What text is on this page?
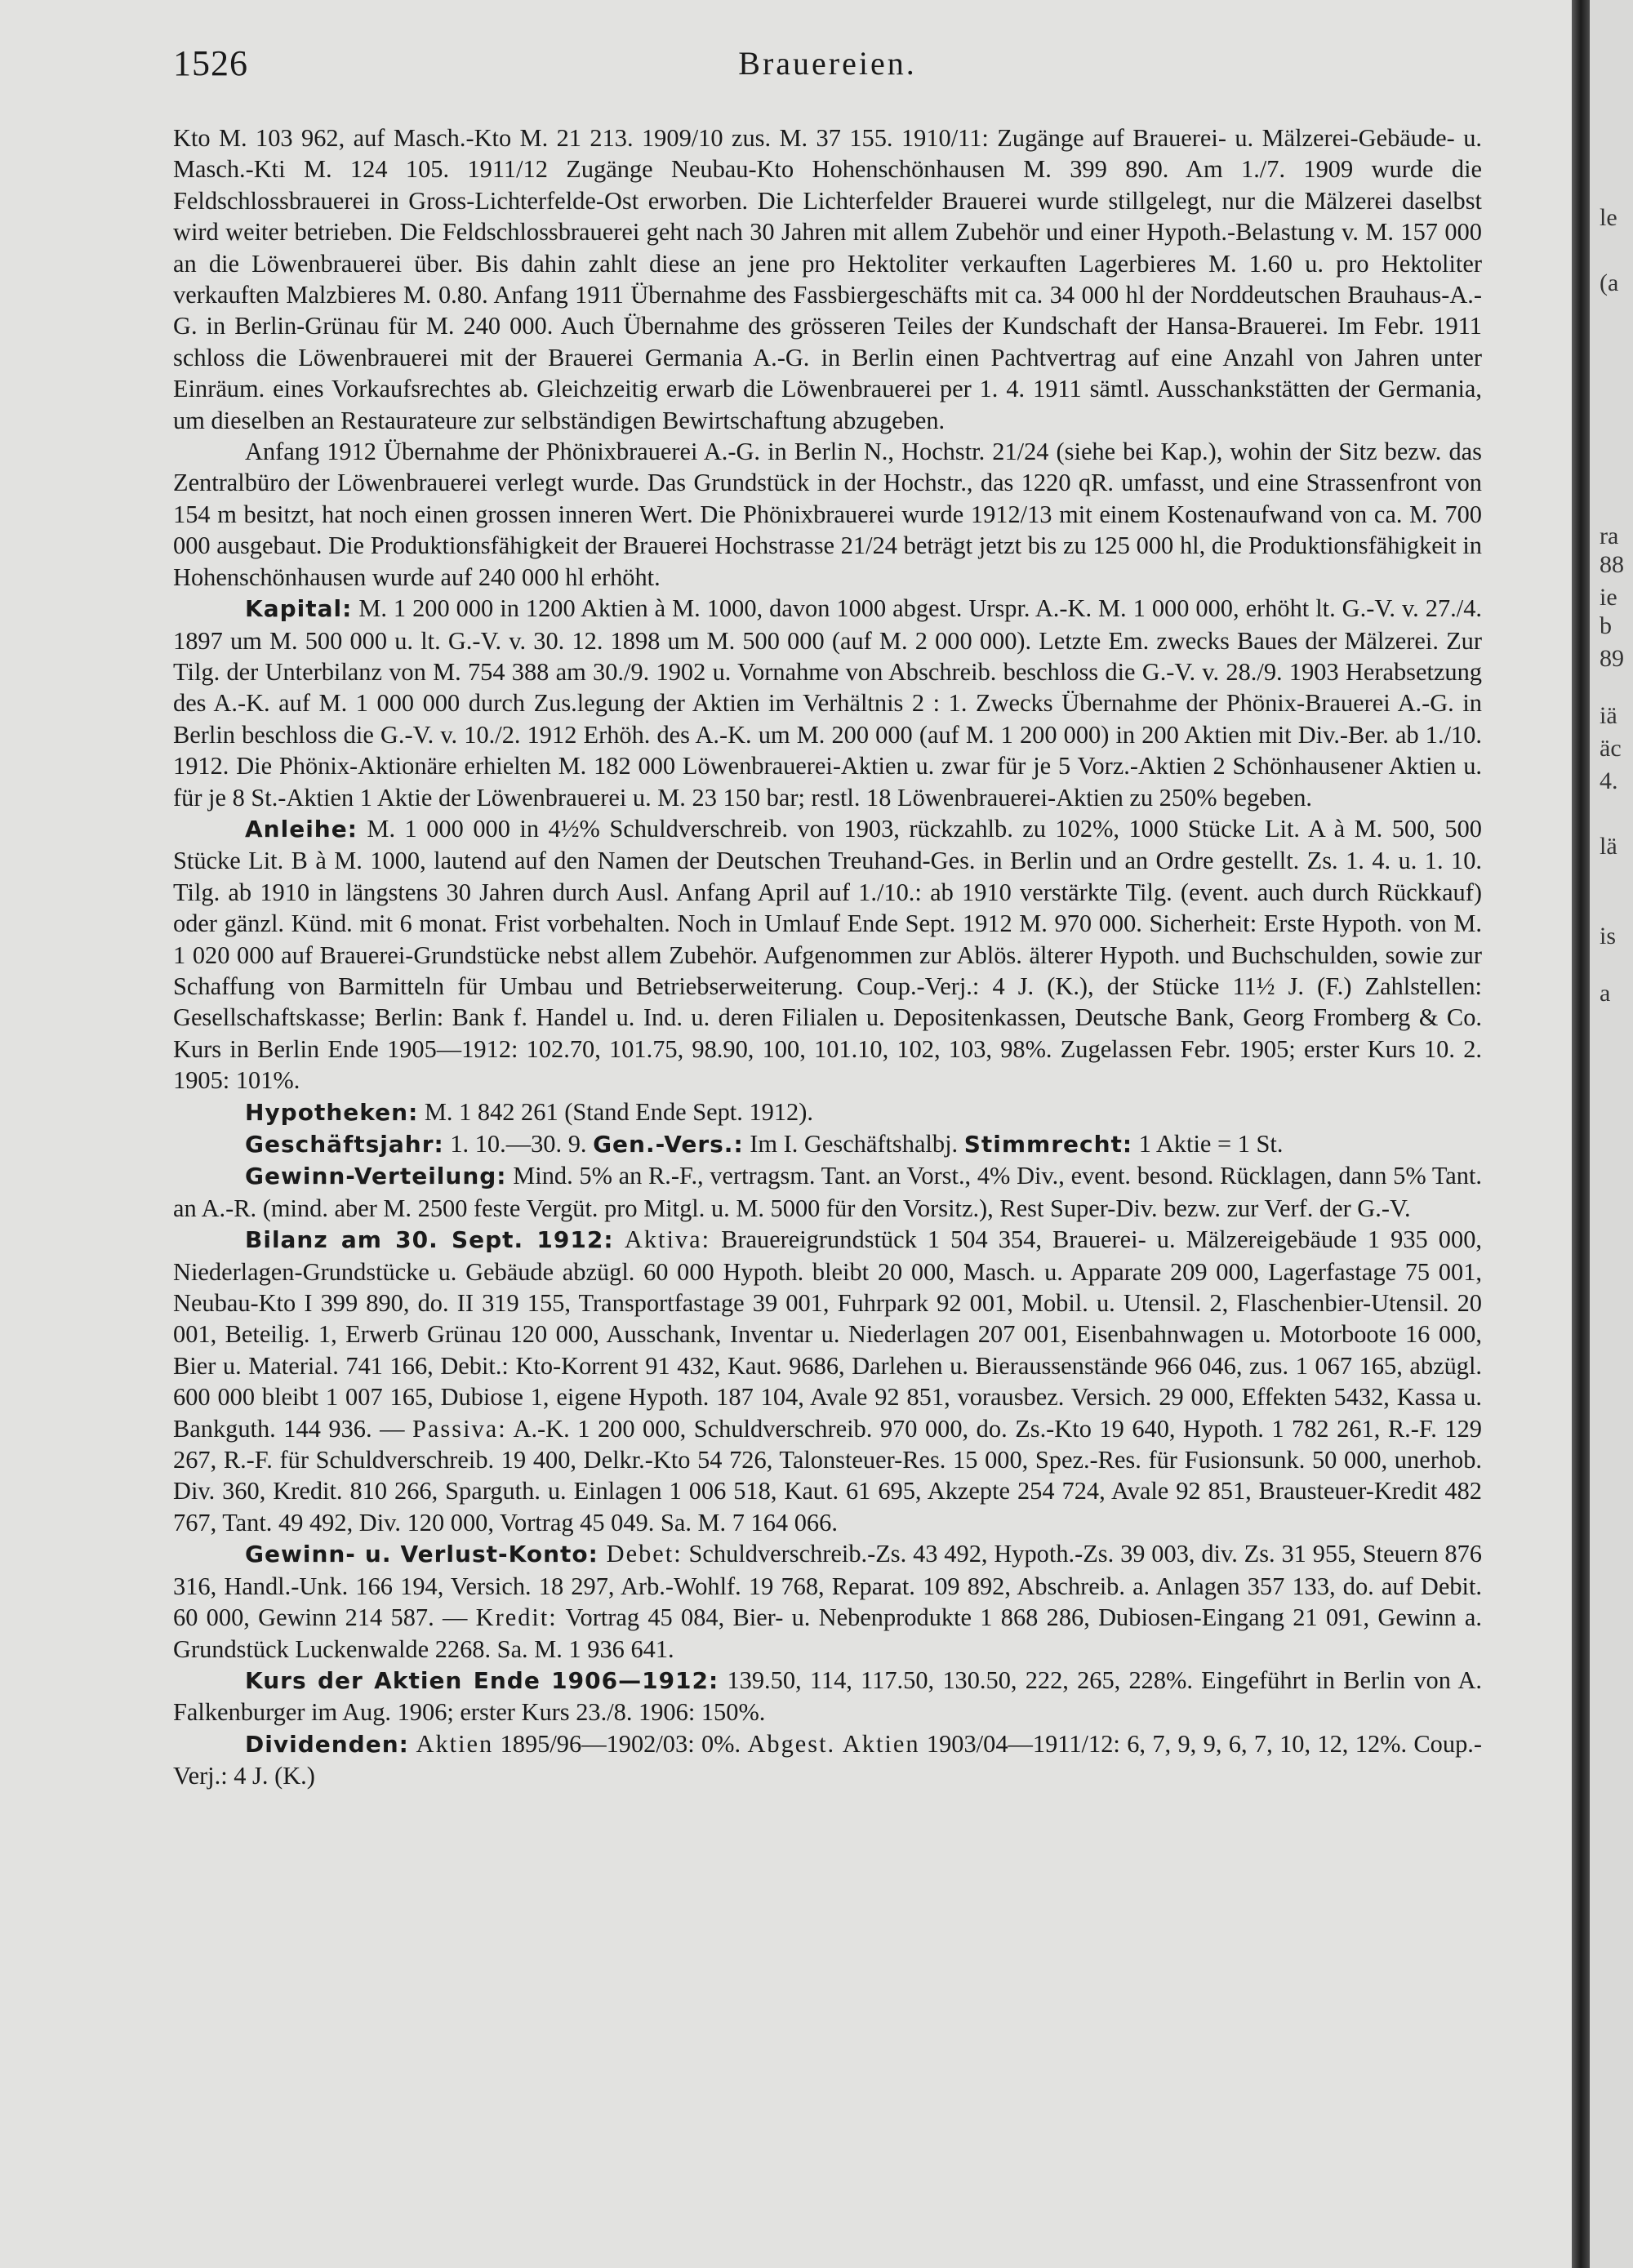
1526	Brauereien.

Kto M. 103 962, auf Masch.-Kto M. 21 213. 1909/10 zus. M. 37 155. 1910/11: Zugänge auf Brauerei- u. Mälzerei-Gebäude- u. Masch.-Kti M. 124 105. 1911/12 Zugänge Neubau-Kto Hohenschönhausen M. 399 890. Am 1./7. 1909 wurde die Feldschlossbrauerei in Gross-Lichterfelde-Ost erworben. Die Lichterfelder Brauerei wurde stillgelegt, nur die Mälzerei daselbst wird weiter betrieben. Die Feldschlossbrauerei geht nach 30 Jahren mit allem Zubehör und einer Hypoth.-Belastung v. M. 157 000 an die Löwenbrauerei über. Bis dahin zahlt diese an jene pro Hektoliter verkauften Lagerbieres M. 1.60 u. pro Hektoliter verkauften Malzbieres M. 0.80. Anfang 1911 Übernahme des Fassbiergeschäfts mit ca. 34 000 hl der Norddeutschen Brauhaus-A.-G. in Berlin-Grünau für M. 240 000. Auch Übernahme des grösseren Teiles der Kundschaft der Hansa-Brauerei. Im Febr. 1911 schloss die Löwenbrauerei mit der Brauerei Germania A.-G. in Berlin einen Pachtvertrag auf eine Anzahl von Jahren unter Einräum. eines Vorkaufsrechtes ab. Gleichzeitig erwarb die Löwenbrauerei per 1. 4. 1911 sämtl. Ausschankstätten der Germania, um dieselben an Restaurateure zur selbständigen Bewirtschaftung abzugeben.

Anfang 1912 Übernahme der Phönixbrauerei A.-G. in Berlin N., Hochstr. 21/24 (siehe bei Kap.), wohin der Sitz bezw. das Zentralbüro der Löwenbrauerei verlegt wurde. Das Grundstück in der Hochstr., das 1220 qR. umfasst, und eine Strassenfront von 154 m besitzt, hat noch einen grossen inneren Wert. Die Phönixbrauerei wurde 1912/13 mit einem Kostenaufwand von ca. M. 700 000 ausgebaut. Die Produktionsfähigkeit der Brauerei Hochstrasse 21/24 beträgt jetzt bis zu 125 000 hl, die Produktionsfähigkeit in Hohenschönhausen wurde auf 240 000 hl erhöht.

Kapital: M. 1 200 000 in 1200 Aktien à M. 1000, davon 1000 abgest. Urspr. A.-K. M. 1 000 000, erhöht lt. G.-V. v. 27./4. 1897 um M. 500 000 u. lt. G.-V. v. 30. 12. 1898 um M. 500 000 (auf M. 2 000 000). Letzte Em. zwecks Baues der Mälzerei. Zur Tilg. der Unterbilanz von M. 754 388 am 30./9. 1902 u. Vornahme von Abschreib. beschloss die G.-V. v. 28./9. 1903 Herabsetzung des A.-K. auf M. 1 000 000 durch Zus.legung der Aktien im Verhältnis 2 : 1. Zwecks Übernahme der Phönix-Brauerei A.-G. in Berlin beschloss die G.-V. v. 10./2. 1912 Erhöh. des A.-K. um M. 200 000 (auf M. 1 200 000) in 200 Aktien mit Div.-Ber. ab 1./10. 1912. Die Phönix-Aktionäre erhielten M. 182 000 Löwenbrauerei-Aktien u. zwar für je 5 Vorz.-Aktien 2 Schönhausener Aktien u. für je 8 St.-Aktien 1 Aktie der Löwenbrauerei u. M. 23 150 bar; restl. 18 Löwenbrauerei-Aktien zu 250% begeben.

Anleihe: M. 1 000 000 in 4½% Schuldverschreib. von 1903, rückzahlb. zu 102%, 1000 Stücke Lit. A à M. 500, 500 Stücke Lit. B à M. 1000, lautend auf den Namen der Deutschen Treuhand-Ges. in Berlin und an Ordre gestellt. Zs. 1. 4. u. 1. 10. Tilg. ab 1910 in längstens 30 Jahren durch Ausl. Anfang April auf 1./10.: ab 1910 verstärkte Tilg. (event. auch durch Rückkauf) oder gänzl. Künd. mit 6 monat. Frist vorbehalten. Noch in Umlauf Ende Sept. 1912 M. 970 000. Sicherheit: Erste Hypoth. von M. 1 020 000 auf Brauerei-Grundstücke nebst allem Zubehör. Aufgenommen zur Ablös. älterer Hypoth. und Buchschulden, sowie zur Schaffung von Barmitteln für Umbau und Betriebserweiterung. Coup.-Verj.: 4 J. (K.), der Stücke 11½ J. (F.) Zahlstellen: Gesellschaftskasse; Berlin: Bank f. Handel u. Ind. u. deren Filialen u. Depositenkassen, Deutsche Bank, Georg Fromberg & Co. Kurs in Berlin Ende 1905—1912: 102.70, 101.75, 98.90, 100, 101.10, 102, 103, 98%. Zugelassen Febr. 1905; erster Kurs 10. 2. 1905: 101%.

Hypotheken: M. 1 842 261 (Stand Ende Sept. 1912).

Geschäftsjahr: 1. 10.—30. 9. Gen.-Vers.: Im I. Geschäftshalbj. Stimmrecht: 1 Aktie = 1 St.

Gewinn-Verteilung: Mind. 5% an R.-F., vertragsm. Tant. an Vorst., 4% Div., event. besond. Rücklagen, dann 5% Tant. an A.-R. (mind. aber M. 2500 feste Vergüt. pro Mitgl. u. M. 5000 für den Vorsitz.), Rest Super-Div. bezw. zur Verf. der G.-V.

Bilanz am 30. Sept. 1912: Aktiva: Brauereigrundstück 1 504 354, Brauerei- u. Mälzereigebäude 1 935 000, Niederlagen-Grundstücke u. Gebäude abzügl. 60 000 Hypoth. bleibt 20 000, Masch. u. Apparate 209 000, Lagerfastage 75 001, Neubau-Kto I 399 890, do. II 319 155, Transportfastage 39 001, Fuhrpark 92 001, Mobil. u. Utensil. 2, Flaschenbier-Utensil. 20 001, Beteilig. 1, Erwerb Grünau 120 000, Ausschank, Inventar u. Niederlagen 207 001, Eisenbahnwagen u. Motorboote 16 000, Bier u. Material. 741 166, Debit.: Kto-Korrent 91 432, Kaut. 9686, Darlehen u. Bieraussenstände 966 046, zus. 1 067 165, abzügl. 600 000 bleibt 1 007 165, Dubiose 1, eigene Hypoth. 187 104, Avale 92 851, vorausbez. Versich. 29 000, Effekten 5432, Kassa u. Bankguth. 144 936. — Passiva: A.-K. 1 200 000, Schuldverschreib. 970 000, do. Zs.-Kto 19 640, Hypoth. 1 782 261, R.-F. 129 267, R.-F. für Schuldverschreib. 19 400, Delkr.-Kto 54 726, Talonsteuer-Res. 15 000, Spez.-Res. für Fusionsunk. 50 000, unerhob. Div. 360, Kredit. 810 266, Sparguth. u. Einlagen 1 006 518, Kaut. 61 695, Akzepte 254 724, Avale 92 851, Brausteuer-Kredit 482 767, Tant. 49 492, Div. 120 000, Vortrag 45 049. Sa. M. 7 164 066.

Gewinn- u. Verlust-Konto: Debet: Schuldverschreib.-Zs. 43 492, Hypoth.-Zs. 39 003, div. Zs. 31 955, Steuern 876 316, Handl.-Unk. 166 194, Versich. 18 297, Arb.-Wohlf. 19 768, Reparat. 109 892, Abschreib. a. Anlagen 357 133, do. auf Debit. 60 000, Gewinn 214 587. — Kredit: Vortrag 45 084, Bier- u. Nebenprodukte 1 868 286, Dubiosen-Eingang 21 091, Gewinn a. Grundstück Luckenwalde 2268. Sa. M. 1 936 641.

Kurs der Aktien Ende 1906—1912: 139.50, 114, 117.50, 130.50, 222, 265, 228%. Eingeführt in Berlin von A. Falkenburger im Aug. 1906; erster Kurs 23./8. 1906: 150%.

Dividenden: Aktien 1895/96—1902/03: 0%. Abgest. Aktien 1903/04—1911/12: 6, 7, 9, 9, 6, 7, 10, 12, 12%. Coup.-Verj.: 4 J. (K.)

le
(a
ra
88
ie
b
89
iä
äc
4.
lä
is
a
